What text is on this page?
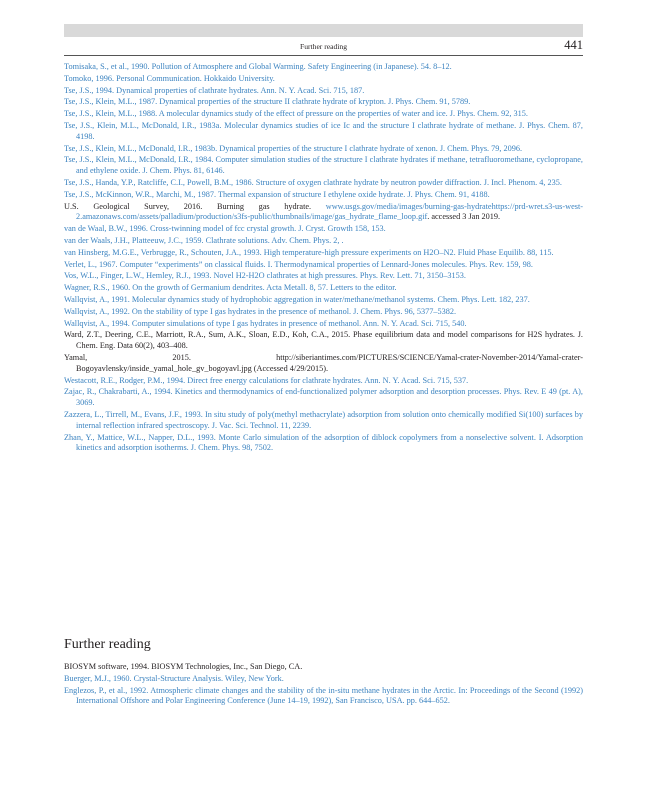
Further reading	441

Tomisaka, S., et al., 1990. Pollution of Atmosphere and Global Warming. Safety Engineering (in Japanese). 54. 8–12.

Tomoko, 1996. Personal Communication. Hokkaido University.

Tse, J.S., 1994. Dynamical properties of clathrate hydrates. Ann. N. Y. Acad. Sci. 715, 187.

Tse, J.S., Klein, M.L., 1987. Dynamical properties of the structure II clathrate hydrate of krypton. J. Phys. Chem. 91, 5789.

Tse, J.S., Klein, M.L., 1988. A molecular dynamics study of the effect of pressure on the properties of water and ice. J. Phys. Chem. 92, 315.

Tse, J.S., Klein, M.L., McDonald, I.R., 1983a. Molecular dynamics studies of ice Ic and the structure I clathrate hydrate of methane. J. Phys. Chem. 87, 4198.

Tse, J.S., Klein, M.L., McDonald, I.R., 1983b. Dynamical properties of the structure I clathrate hydrate of xenon. J. Chem. Phys. 79, 2096.

Tse, J.S., Klein, M.L., McDonald, I.R., 1984. Computer simulation studies of the structure I clathrate hydrates if methane, tetrafluoromethane, cyclopropane, and ethylene oxide. J. Chem. Phys. 81, 6146.

Tse, J.S., Handa, Y.P., Ratcliffe, C.I., Powell, B.M., 1986. Structure of oxygen clathrate hydrate by neutron powder diffraction. J. Incl. Phenom. 4, 235.

Tse, J.S., McKinnon, W.R., Marchi, M., 1987. Thermal expansion of structure I ethylene oxide hydrate. J. Phys. Chem. 91, 4188.

U.S. Geological Survey, 2016. Burning gas hydrate. www.usgs.gov/media/images/burning-gas-hydratehttps://prd-wret.s3-us-west-2.amazonaws.com/assets/palladium/production/s3fs-public/thumbnails/image/gas_hydrate_flame_loop.gif. accessed 3 Jan 2019.

van de Waal, B.W., 1996. Cross-twinning model of fcc crystal growth. J. Cryst. Growth 158, 153.

van der Waals, J.H., Platteeuw, J.C., 1959. Clathrate solutions. Adv. Chem. Phys. 2, .

van Hinsberg, M.G.E., Verbrugge, R., Schouten, J.A., 1993. High temperature-high pressure experiments on H2O–N2. Fluid Phase Equilib. 88, 115.

Verlet, L., 1967. Computer “experiments” on classical fluids. I. Thermodynamical properties of Lennard-Jones molecules. Phys. Rev. 159, 98.

Vos, W.L., Finger, L.W., Hemley, R.J., 1993. Novel H2-H2O clathrates at high pressures. Phys. Rev. Lett. 71, 3150–3153.

Wagner, R.S., 1960. On the growth of Germanium dendrites. Acta Metall. 8, 57. Letters to the editor.

Wallqvist, A., 1991. Molecular dynamics study of hydrophobic aggregation in water/methane/methanol systems. Chem. Phys. Lett. 182, 237.

Wallqvist, A., 1992. On the stability of type I gas hydrates in the presence of methanol. J. Chem. Phys. 96, 5377–5382.

Wallqvist, A., 1994. Computer simulations of type I gas hydrates in presence of methanol. Ann. N. Y. Acad. Sci. 715, 540.

Ward, Z.T., Deering, C.E., Marriott, R.A., Sum, A.K., Sloan, E.D., Koh, C.A., 2015. Phase equilibrium data and model comparisons for H2S hydrates. J. Chem. Eng. Data 60(2), 403–408.

Yamal, 2015. http://siberiantimes.com/PICTURES/SCIENCE/Yamal-crater-November-2014/Yamal-crater-Bogoyavlensky/inside_yamal_hole_gv_bogoyavl.jpg (Accessed 4/29/2015).

Westacott, R.E., Rodger, P.M., 1994. Direct free energy calculations for clathrate hydrates. Ann. N. Y. Acad. Sci. 715, 537.

Zajac, R., Chakrabarti, A., 1994. Kinetics and thermodynamics of end-functionalized polymer adsorption and desorption processes. Phys. Rev. E 49 (pt. A), 3069.

Zazzera, L., Tirrell, M., Evans, J.F., 1993. In situ study of poly(methyl methacrylate) adsorption from solution onto chemically modified Si(100) surfaces by internal reflection infrared spectroscopy. J. Vac. Sci. Technol. 11, 2239.

Zhan, Y., Mattice, W.L., Napper, D.L., 1993. Monte Carlo simulation of the adsorption of diblock copolymers from a nonselective solvent. I. Adsorption kinetics and adsorption isotherms. J. Chem. Phys. 98, 7502.

Further reading

BIOSYM software, 1994. BIOSYM Technologies, Inc., San Diego, CA.

Buerger, M.J., 1960. Crystal-Structure Analysis. Wiley, New York.

Englezos, P., et al., 1992. Atmospheric climate changes and the stability of the in-situ methane hydrates in the Arctic. In: Proceedings of the Second (1992) International Offshore and Polar Engineering Conference (June 14–19, 1992), San Francisco, USA. pp. 644–652.
